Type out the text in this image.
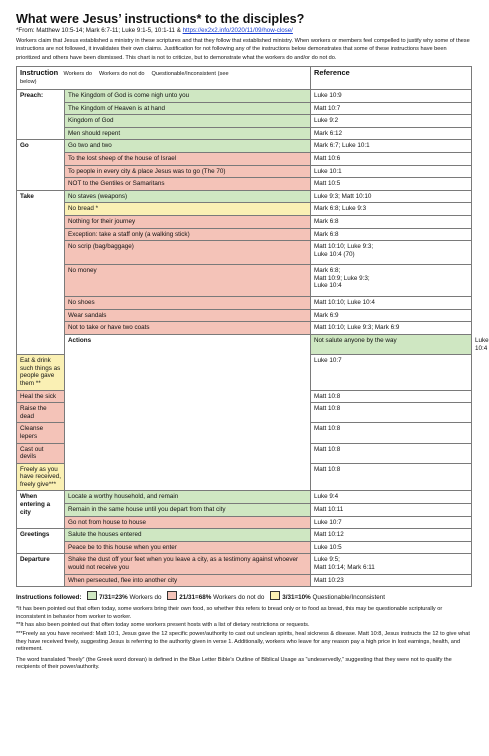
What were Jesus’ instructions* to the disciples?
*From: Matthew 10:5-14; Mark 6:7-11; Luke 9:1-5, 10:1-11 & https://ex2x2.info/2020/11/09/how-close/
Workers claim that Jesus established a ministry in these scriptures and that they follow that established ministry. When workers or members feel compelled to justify why some of these instructions are not followed, it invalidates their own claims. Justification for not following any of the instructions below demonstrates that some of these instructions have been prioritized and others have been dismissed. This chart is not to criticize, but to demonstrate what the workers do and/or do not do.
Instruction Workers do Workers do not do Questionable/Inconsistent (see
below)		Reference	
Preach:	The Kingdom of God is come nigh unto you	Luke 10:9	
	The Kingdom of Heaven is at hand	Matt 10:7	
	Kingdom of God	Luke 9:2	
	Men should repent	Mark 6:12	
Go	Go two and two	Mark 6:7; Luke 10:1	
	To the lost sheep of the house of Israel	Matt 10:6	
	To people in every city & place Jesus was to go (The 70)	Luke 10:1	
	NOT to the Gentiles or Samaritans	Matt 10:5	
Take	No staves (weapons)	Luke 9:3; Matt 10:10	
	No bread *	Mark 6:8; Luke 9:3	
	Nothing for their journey	Mark 6:8	
	Exception: take a staff only (a walking stick)	Mark 6:8	
	No scrip (bag/baggage)	Matt 10:10; Luke 9:3;
Luke 10:4 (70)	
	No money	Mark 6:8;
Matt 10:9; Luke 9:3;
Luke 10:4	
	No shoes	Matt 10:10; Luke 10:4	
	Wear sandals	Mark 6:9	
	Not to take or have two coats	Matt 10:10; Luke 9:3; Mark 6:9	
	Actions	Not salute anyone by the way	Luke 10:4
Eat & drink such things as people gave them **		Luke 10:7	
Heal the sick		Matt 10:8	
Raise the dead		Matt 10:8	
Cleanse lepers		Matt 10:8	
Cast out devils		Matt 10:8	
Freely as you have received, freely give***		Matt 10:8	
When entering a city	Locate a worthy household, and remain	Luke 9:4	
	Remain in the same house until you depart from that city	Matt 10:11	
	Go not from house to house	Luke 10:7	
Greetings	Salute the houses entered	Matt 10:12	
	Peace be to this house when you enter	Luke 10:5	
Departure	Shake the dust off your feet when you leave a city, as a testimony against whoever would not receive you	Luke 9:5;
Matt 10:14; Mark 6:11	
	When persecuted, flee into another city	Matt 10:23	
Instructions followed:	7/31=23% Workers do	21/31=68% Workers do not do	3/31=10% Questionable/Inconsistent

*It has been pointed out that often today, some workers bring their own food, so whether this refers to bread only or to food as bread, this may be questionable scripturally or inconsistent in behavior from worker to worker.

**It has also been pointed out that often today some workers present hosts with a list of dietary restrictions or requests.

***Freely as you have received: Matt 10:1, Jesus gave the 12 specific power/authority to cast out unclean spirits, heal sickness & disease. Matt 10:8, Jesus instructs the 12 to give what they have received freely, suggesting Jesus is referring to the authority given in verse 1. Additionally, workers who leave for any reason pay a high price in lost earnings, health, and retirement.

The word translated “freely” (the Greek word dorean) is defined in the Blue Letter Bible’s Outline of Biblical Usage as “undeservedly,” suggesting that they were not to qualify the recipients of their power/authority.
